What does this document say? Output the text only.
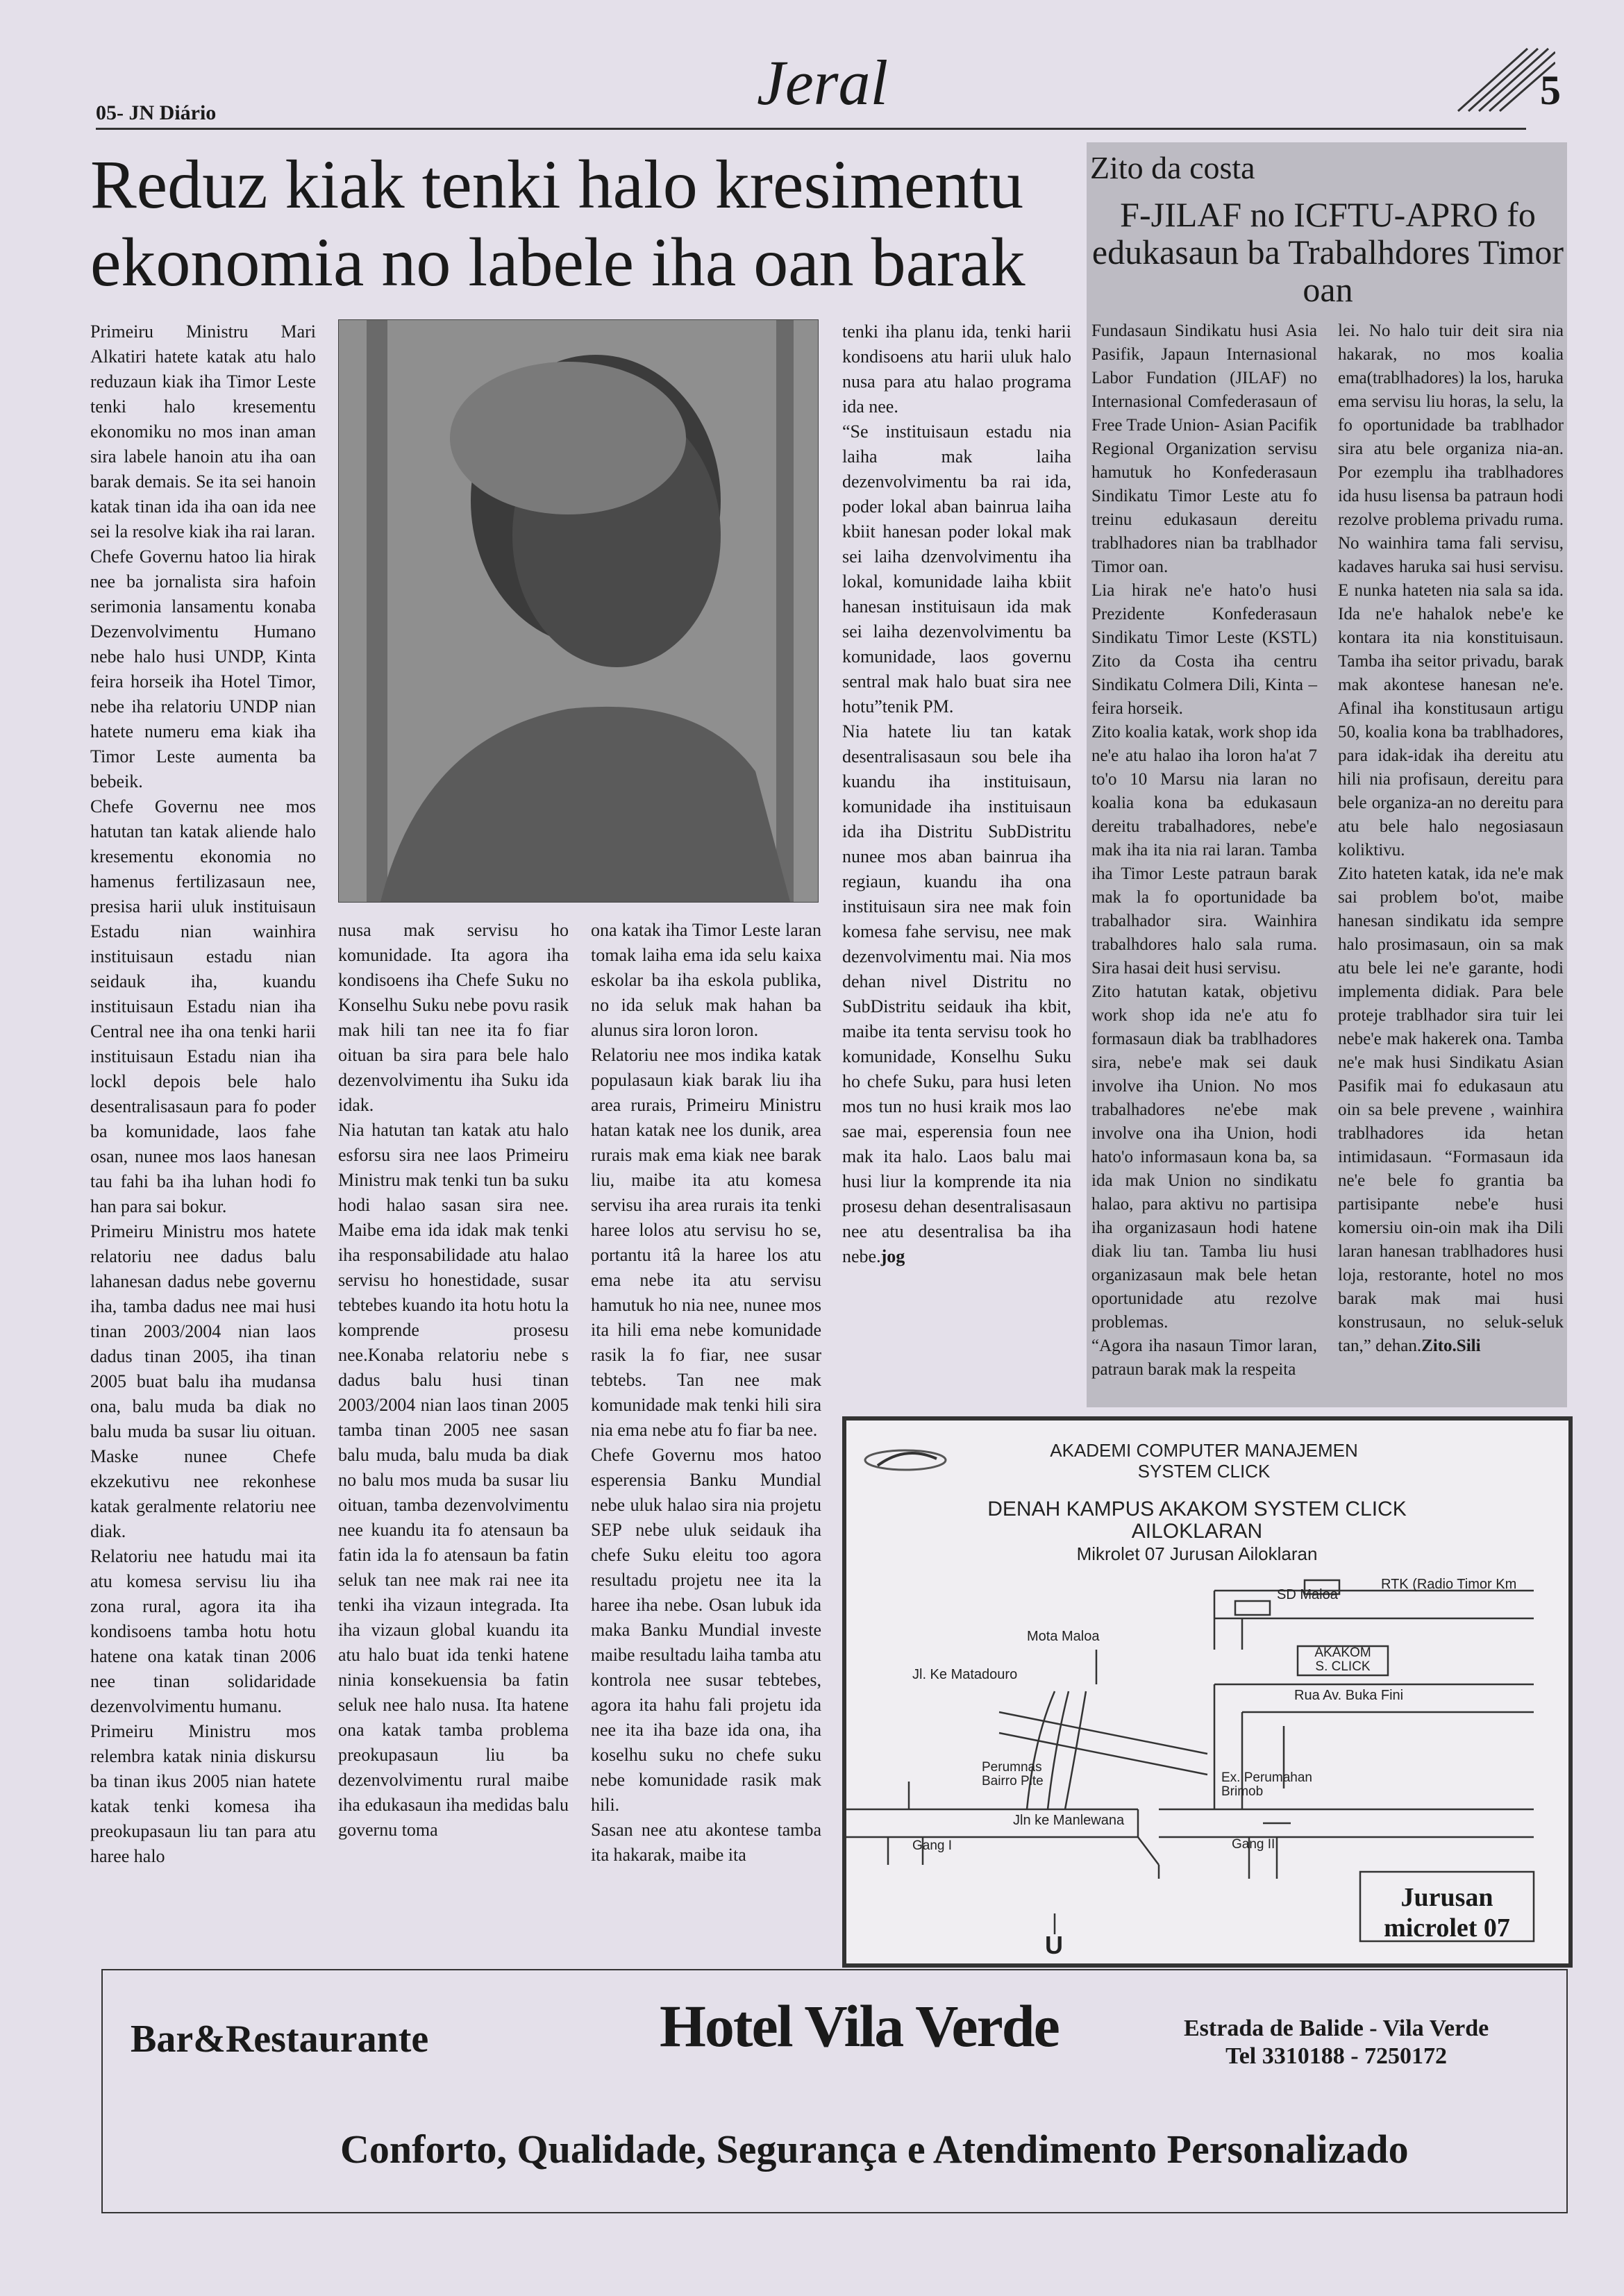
05- JN Diário	Jeral	5
Reduz kiak tenki halo kresimentu ekonomia no labele iha oan barak

Primeiru Ministru Mari Alkatiri hatete katak atu halo reduzaun kiak iha Timor Leste tenki halo kresementu ekonomiku no mos inan aman sira labele hanoin atu iha oan barak demais. Se ita sei hanoin katak tinan ida iha oan ida nee sei la resolve kiak iha rai laran.

Chefe Governu hatoo lia hirak nee ba jornalista sira hafoin serimonia lansamentu konaba Dezenvolvimentu Humano nebe halo husi UNDP, Kinta feira horseik iha Hotel Timor, nebe iha relatoriu UNDP nian hatete numeru ema kiak iha Timor Leste aumenta ba bebeik.

Chefe Governu nee mos hatutan tan katak aliende halo kresementu ekonomia no hamenus fertilizasaun nee, presisa harii uluk instituisaun Estadu nian wainhira instituisaun estadu nian seidauk iha, kuandu instituisaun Estadu nian iha Central nee iha ona tenki harii instituisaun Estadu nian iha lockl depois bele halo desentralisasaun para fo poder ba komunidade, laos fahe osan, nunee mos laos hanesan tau fahi ba iha luhan hodi fo han para sai bokur.

Primeiru Ministru mos hatete relatoriu nee dadus balu lahanesan dadus nebe governu iha, tamba dadus nee mai husi tinan 2003/2004 nian laos dadus tinan 2005, iha tinan 2005 buat balu iha mudansa ona, balu muda ba diak no balu muda ba susar liu oituan. Maske nunee Chefe ekzekutivu nee rekonhese katak geralmente relatoriu nee diak.

Relatoriu nee hatudu mai ita atu komesa servisu liu iha zona rural, agora ita iha kondisoens tamba hotu hotu hatene ona katak tinan 2006 nee tinan solidaridade dezenvolvimentu humanu.

Primeiru Ministru mos relembra katak ninia diskursu ba tinan ikus 2005 nian hatete katak tenki komesa iha preokupasaun liu tan para atu haree halo

nusa mak servisu ho komunidade. Ita agora iha kondisoens iha Chefe Suku no Konselhu Suku nebe povu rasik mak hili tan nee ita fo fiar oituan ba sira para bele halo dezenvolvimentu iha Suku ida idak.

Nia hatutan tan katak atu halo esforsu sira nee laos Primeiru Ministru mak tenki tun ba suku hodi halao sasan sira nee. Maibe ema ida idak mak tenki iha responsabilidade atu halao servisu ho honestidade, susar tebtebes kuando ita hotu hotu la komprende prosesu nee.Konaba relatoriu nebe s dadus balu husi tinan 2003/2004 nian laos tinan 2005 tamba tinan 2005 nee sasan balu muda, balu muda ba diak no balu mos muda ba susar liu oituan, tamba dezenvolvimentu nee kuandu ita fo atensaun ba fatin ida la fo atensaun ba fatin seluk tan nee mak rai nee ita tenki iha vizaun integrada. Ita iha vizaun global kuandu ita atu halo buat ida tenki hatene ninia konsekuensia ba fatin seluk nee halo nusa. Ita hatene ona katak tamba problema preokupasaun liu ba dezenvolvimentu rural maibe iha edukasaun iha medidas balu governu toma

ona katak iha Timor Leste laran tomak laiha ema ida selu kaixa eskolar ba iha eskola publika, no ida seluk mak hahan ba alunus sira loron loron.

Relatoriu nee mos indika katak populasaun kiak barak liu iha area rurais, Primeiru Ministru hatan katak nee los dunik, area rurais mak ema kiak nee barak liu, maibe ita atu komesa servisu iha area rurais ita tenki haree lolos atu servisu ho se, portantu itâ la haree los atu ema nebe ita atu servisu hamutuk ho nia nee, nunee mos ita hili ema nebe komunidade rasik la fo fiar, nee susar tebtebs. Tan nee mak komunidade mak tenki hili sira nia ema nebe atu fo fiar ba nee.

Chefe Governu mos hatoo esperensia Banku Mundial nebe uluk halao sira nia projetu SEP nebe uluk seidauk iha chefe Suku eleitu too agora resultadu projetu nee ita la haree iha nebe. Osan lubuk ida maka Banku Mundial investe maibe resultadu laiha tamba atu kontrola nee susar tebtebes, agora ita hahu fali projetu ida nee ita iha baze ida ona, iha koselhu suku no chefe suku nebe komunidade rasik mak hili.

Sasan nee atu akontese tamba ita hakarak, maibe ita

tenki iha planu ida, tenki harii kondisoens atu harii uluk halo nusa para atu halao programa ida nee.

“Se instituisaun estadu nia laiha mak laiha dezenvolvimentu ba rai ida, poder lokal aban bainrua laiha kbiit hanesan poder lokal mak sei laiha dzenvolvimentu iha lokal, komunidade laiha kbiit hanesan instituisaun ida mak sei laiha dezenvolvimentu ba komunidade, laos governu sentral mak halo buat sira nee hotu”tenik PM.

Nia hatete liu tan katak desentralisasaun sou bele iha kuandu iha instituisaun, komunidade iha instituisaun ida iha Distritu SubDistritu nunee mos aban bainrua iha regiaun, kuandu iha ona instituisaun sira nee mak foin komesa fahe servisu, nee mak dezenvolvimentu mai. Nia mos dehan nivel Distritu no SubDistritu seidauk iha kbit, maibe ita tenta servisu took ho komunidade, Konselhu Suku ho chefe Suku, para husi leten mos tun no husi kraik mos lao sae mai, esperensia foun nee mak ita halo. Laos balu mai husi liur la komprende ita nia prosesu dehan desentralisasaun nee atu desentralisa ba iha nebe.jog

Zito da costa
F-JILAF no ICFTU-APRO fo edukasaun ba Trabalhdores Timor oan

Fundasaun Sindikatu husi Asia Pasifik, Japaun Internasional Labor Fundation (JILAF) no Internasional Comfederasaun of Free Trade Union- Asian Pacifik Regional Organization servisu hamutuk ho Konfederasaun Sindikatu Timor Leste atu fo treinu edukasaun dereitu trablhadores nian ba trablhador Timor oan.

Lia hirak ne'e hato'o husi Prezidente Konfederasaun Sindikatu Timor Leste (KSTL) Zito da Costa iha centru Sindikatu Colmera Dili, Kinta –feira horseik.

Zito koalia katak, work shop ida ne'e atu halao iha loron ha'at 7 to'o 10 Marsu nia laran no koalia kona ba edukasaun dereitu trabalhadores, nebe'e mak iha ita nia rai laran. Tamba iha Timor Leste patraun barak mak la fo oportunidade ba trabalhador sira. Wainhira trabalhdores halo sala ruma. Sira hasai deit husi servisu.

Zito hatutan katak, objetivu work shop ida ne'e atu fo formasaun diak ba trablhadores sira, nebe'e mak sei dauk involve iha Union. No mos trabalhadores ne'ebe mak involve ona iha Union, hodi hato'o informasaun kona ba, sa ida mak Union no sindikatu halao, para aktivu no partisipa iha organizasaun hodi hatene diak liu tan. Tamba liu husi organizasaun mak bele hetan oportunidade atu rezolve problemas.

“Agora iha nasaun Timor laran, patraun barak mak la respeita

lei. No halo tuir deit sira nia hakarak, no mos koalia ema(trablhadores) la los, haruka ema servisu liu horas, la selu, la fo oportunidade ba trablhador sira atu bele organiza nia-an. Por ezemplu iha trablhadores ida husu lisensa ba patraun hodi rezolve problema privadu ruma. No wainhira tama fali servisu, kadaves haruka sai husi servisu. E nunka hateten nia sala sa ida. Ida ne'e hahalok nebe'e ke kontara ita nia konstituisaun. Tamba iha seitor privadu, barak mak akontese hanesan ne'e. Afinal iha konstitusaun artigu 50, koalia kona ba trablhadores, para idak-idak iha dereitu atu hili nia profisaun, dereitu para bele organiza-an no dereitu para atu bele halo negosiasaun koliktivu.

Zito hateten katak, ida ne'e mak sai problem bo'ot, maibe hanesan sindikatu ida sempre halo prosimasaun, oin sa mak atu bele lei ne'e garante, hodi implementa didiak. Para bele proteje trablhador sira tuir lei nebe'e mak hakerek ona. Tamba ne'e mak husi Sindikatu Asian Pasifik mai fo edukasaun atu oin sa bele prevene , wainhira trablhadores ida hetan intimidasaun. “Formasaun ida ne'e bele fo grantia ba partisipante nebe'e husi komersiu oin-oin mak iha Dili laran hanesan trablhadores husi loja, restorante, hotel no mos barak mak mai husi konstrusaun, no seluk-seluk tan,” dehan.Zito.Sili

AKADEMI COMPUTER MANAJEMEN
SYSTEM CLICK
DENAH KAMPUS AKAKOM SYSTEM CLICK
AILOKLARAN
Mikrolet 07 Jurusan Ailoklaran
RTK (Radio Timor Km
SD Maloa
Mota Maloa
Jl. Ke Matadouro
AKAKOM
S. CLICK
Rua Av. Buka Fini
Perumnas
Bairro Pite	Ex. Perumahan
Brimob
Jln ke Manlewana
Gang I	Gang II
U
Jurusan
microlet 07
Bar&Restaurante	Hotel Vila Verde	Estrada de Balide - Vila Verde
Tel 3310188 - 7250172
Conforto, Qualidade, Segurança e Atendimento Personalizado
